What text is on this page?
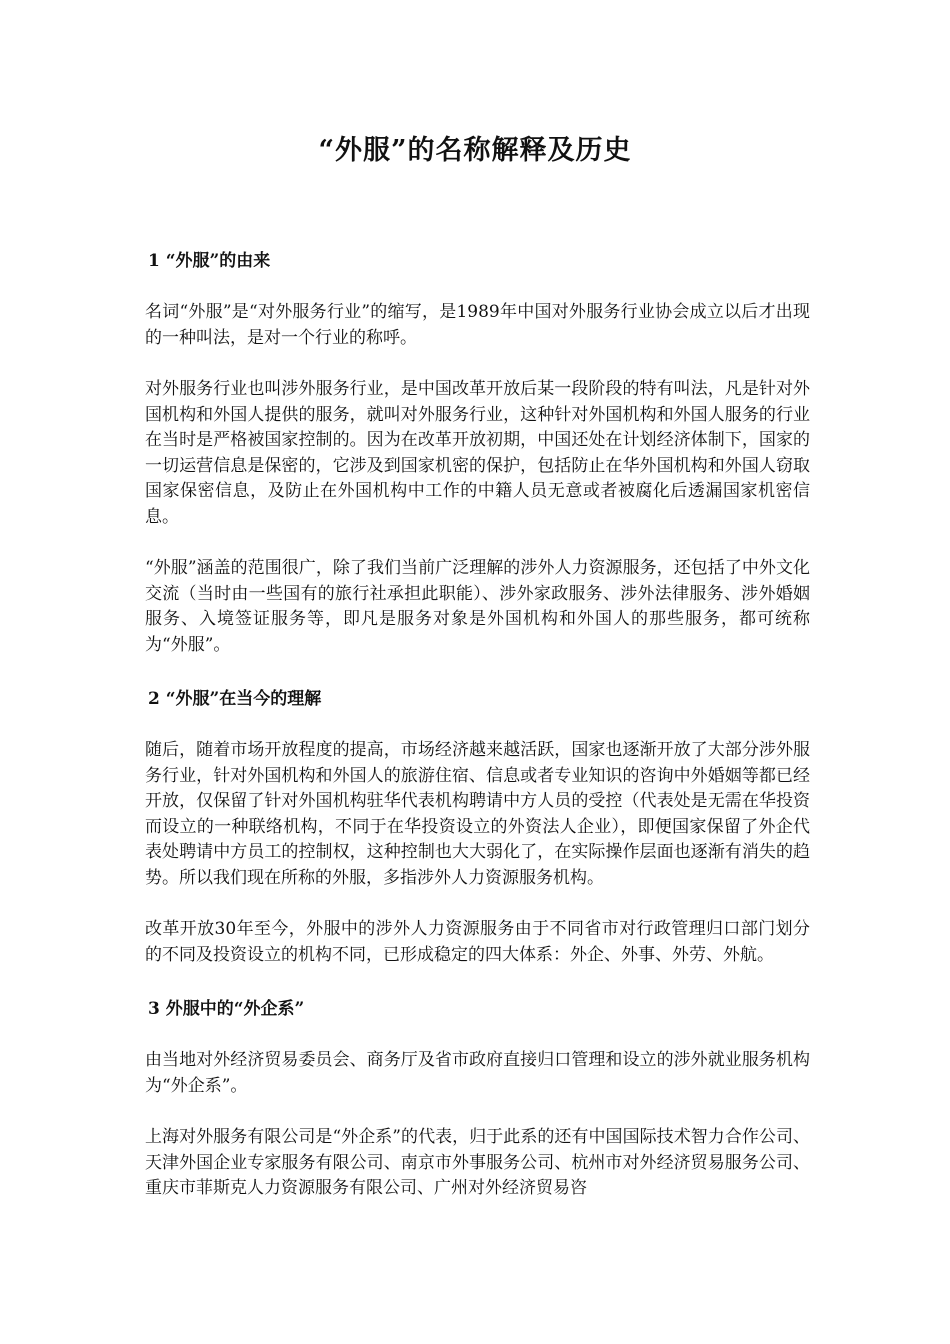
“外服”的名称解释及历史

1 “外服”的由来

名词“外服”是“对外服务行业”的缩写，是1989年中国对外服务行业协会成立以后才出现的一种叫法，是对一个行业的称呼。

对外服务行业也叫涉外服务行业，是中国改革开放后某一段阶段的特有叫法，凡是针对外国机构和外国人提供的服务，就叫对外服务行业，这种针对外国机构和外国人服务的行业在当时是严格被国家控制的。因为在改革开放初期，中国还处在计划经济体制下，国家的一切运营信息是保密的，它涉及到国家机密的保护，包括防止在华外国机构和外国人窃取国家保密信息，及防止在外国机构中工作的中籍人员无意或者被腐化后透漏国家机密信息。

“外服”涵盖的范围很广，除了我们当前广泛理解的涉外人力资源服务，还包括了中外文化交流（当时由一些国有的旅行社承担此职能）、涉外家政服务、涉外法律服务、涉外婚姻服务、入境签证服务等，即凡是服务对象是外国机构和外国人的那些服务，都可统称为“外服”。

2 “外服”在当今的理解

随后，随着市场开放程度的提高，市场经济越来越活跃，国家也逐渐开放了大部分涉外服务行业，针对外国机构和外国人的旅游住宿、信息或者专业知识的咨询中外婚姻等都已经开放，仅保留了针对外国机构驻华代表机构聘请中方人员的受控（代表处是无需在华投资而设立的一种联络机构，不同于在华投资设立的外资法人企业），即便国家保留了外企代表处聘请中方员工的控制权，这种控制也大大弱化了，在实际操作层面也逐渐有消失的趋势。所以我们现在所称的外服，多指涉外人力资源服务机构。

改革开放30年至今，外服中的涉外人力资源服务由于不同省市对行政管理归口部门划分的不同及投资设立的机构不同，已形成稳定的四大体系：外企、外事、外劳、外航。

3 外服中的“外企系”

由当地对外经济贸易委员会、商务厅及省市政府直接归口管理和设立的涉外就业服务机构为“外企系”。

上海对外服务有限公司是“外企系”的代表，归于此系的还有中国国际技术智力合作公司、天津外国企业专家服务有限公司、南京市外事服务公司、杭州市对外经济贸易服务公司、重庆市菲斯克人力资源服务有限公司、广州对外经济贸易咨
